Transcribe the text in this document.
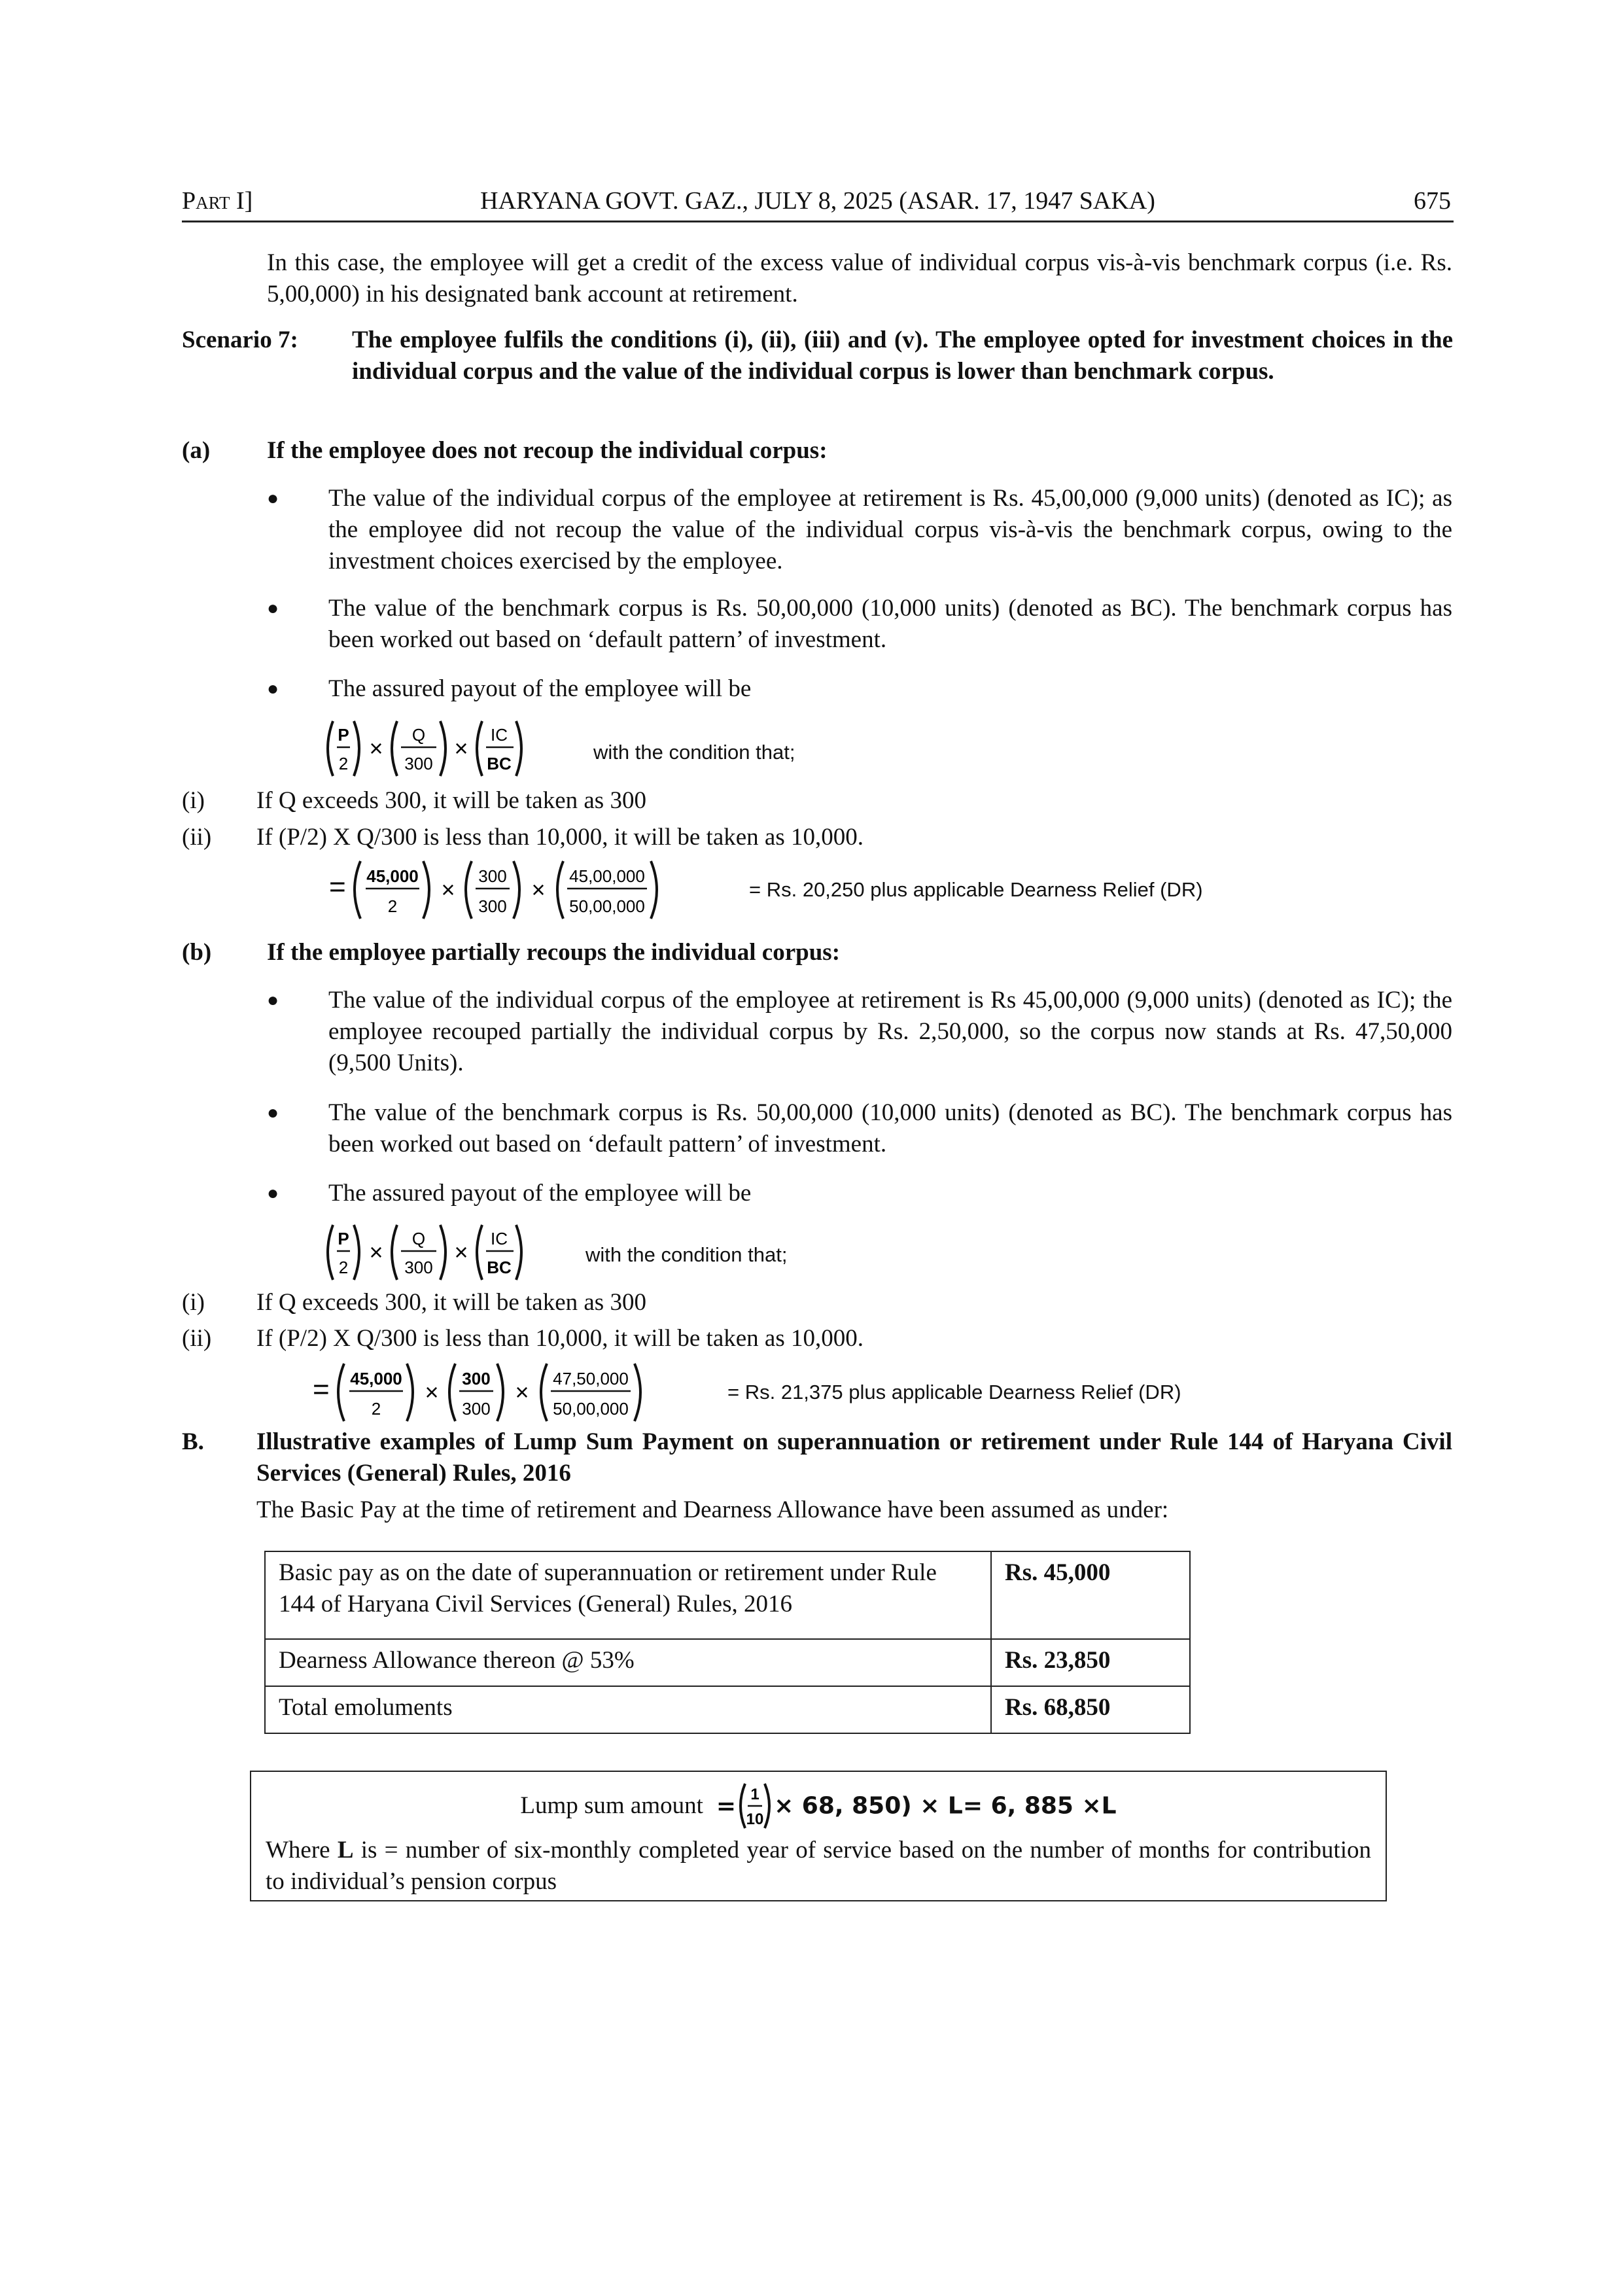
Part I]	HARYANA GOVT. GAZ., JULY 8, 2025 (ASAR. 17, 1947 SAKA)	675
In this case, the employee will get a credit of the excess value of individual corpus vis-à-vis benchmark corpus (i.e. Rs. 5,00,000) in his designated bank account at retirement.
Scenario 7: The employee fulfils the conditions (i), (ii), (iii) and (v). The employee opted for investment choices in the individual corpus and the value of the individual corpus is lower than benchmark corpus.
(a) If the employee does not recoup the individual corpus:
● The value of the individual corpus of the employee at retirement is Rs. 45,00,000 (9,000 units) (denoted as IC); as the employee did not recoup the value of the individual corpus vis-à-vis the benchmark corpus, owing to the investment choices exercised by the employee.
● The value of the benchmark corpus is Rs. 50,00,000 (10,000 units) (denoted as BC). The benchmark corpus has been worked out based on ‘default pattern’ of investment.
● The assured payout of the employee will be
P
2
× Q
300
× IC
BC	with the condition that;
(i) If Q exceeds 300, it will be taken as 300
(ii) If (P/2) X Q/300 is less than 10,000, it will be taken as 10,000.
= 45,000
2
× 300
300
× 45,00,000
50,00,000
= Rs. 20,250 plus applicable Dearness Relief (DR)
(b) If the employee partially recoups the individual corpus:
● The value of the individual corpus of the employee at retirement is Rs 45,00,000 (9,000 units) (denoted as IC); the employee recouped partially the individual corpus by Rs. 2,50,000, so the corpus now stands at Rs. 47,50,000 (9,500 Units).
● The value of the benchmark corpus is Rs. 50,00,000 (10,000 units) (denoted as BC). The benchmark corpus has been worked out based on ‘default pattern’ of investment.
● The assured payout of the employee will be
P
2
× Q
300
× IC
BC
with the condition that;
(i) If Q exceeds 300, it will be taken as 300
(ii) If (P/2) X Q/300 is less than 10,000, it will be taken as 10,000.
= 45,000
2
× 300
300
× 47,50,000
50,00,000
= Rs. 21,375 plus applicable Dearness Relief (DR)
B. Illustrative examples of Lump Sum Payment on superannuation or retirement under Rule 144 of Haryana Civil Services (General) Rules, 2016
The Basic Pay at the time of retirement and Dearness Allowance have been assumed as under:
Basic pay as on the date of superannuation or retirement under Rule 144 of Haryana Civil Services (General) Rules, 2016	Rs. 45,000
Dearness Allowance thereon @ 53%	Rs. 23,850
Total emoluments	Rs. 68,850
Lump sum amount = 1
10 × 68, 850) × L= 6, 885 ×L
Where L is = number of six-monthly completed year of service based on the number of months for contribution to individual’s pension corpus
